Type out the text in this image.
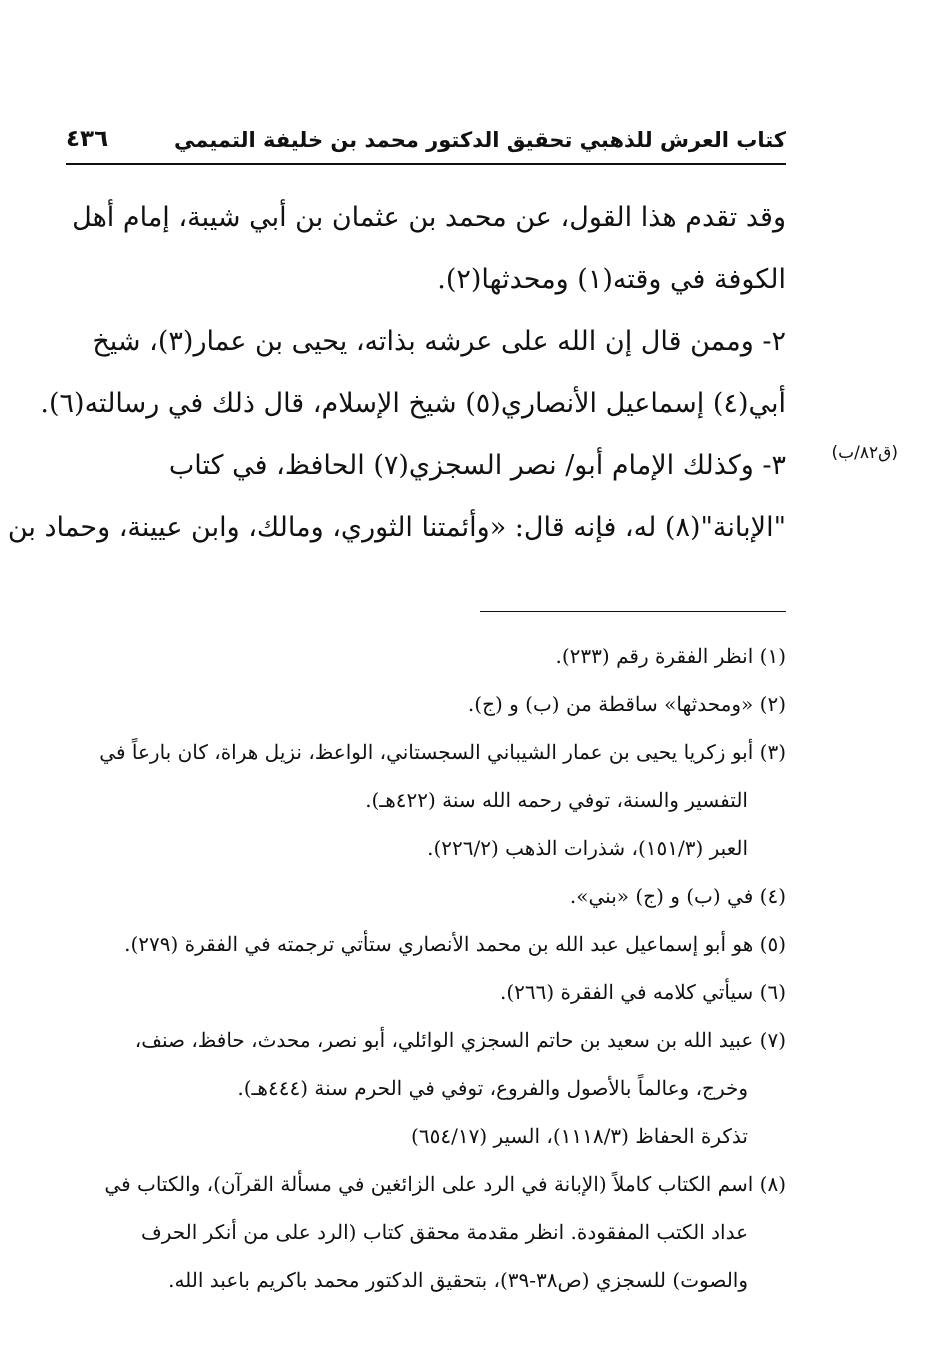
كتاب العرش للذهبي تحقيق الدكتور محمد بن خليفة التميمي
٤٣٦
(ق٨٢/ب)
وقد تقدم هذا القول، عن محمد بن عثمان بن أبي شيبة، إمام أهل
الكوفة في وقته(١) ومحدثها(٢).
٢- وممن قال إن الله على عرشه بذاته، يحيى بن عمار(٣)، شيخ
أبي(٤) إسماعيل الأنصاري(٥) شيخ الإسلام، قال ذلك في رسالته(٦).
٣- وكذلك الإمام أبو/ نصر السجزي(٧) الحافظ، في كتاب
"الإبانة"(٨) له، فإنه قال: «وأئمتنا الثوري، ومالك، وابن عيينة، وحماد بن
(١) انظر الفقرة رقم (٢٣٣).
(٢) «ومحدثها» ساقطة من (ب) و (ج).
(٣) أبو زكريا يحيى بن عمار الشيباني السجستاني، الواعظ، نزيل هراة، كان بارعاً في
التفسير والسنة، توفي رحمه الله سنة (٤٢٢هـ).
العبر (١٥١/٣)، شذرات الذهب (٢٢٦/٢).
(٤) في (ب) و (ج) «بني».
(٥) هو أبو إسماعيل عبد الله بن محمد الأنصاري ستأتي ترجمته في الفقرة (٢٧٩).
(٦) سيأتي كلامه في الفقرة (٢٦٦).
(٧) عبيد الله بن سعيد بن حاتم السجزي الوائلي، أبو نصر، محدث، حافظ، صنف،
وخرج، وعالماً بالأصول والفروع، توفي في الحرم سنة (٤٤٤هـ).
تذكرة الحفاظ (١١١٨/٣)، السير (٦٥٤/١٧)
(٨) اسم الكتاب كاملاً (الإبانة في الرد على الزائغين في مسألة القرآن)، والكتاب في
عداد الكتب المفقودة. انظر مقدمة محقق كتاب (الرد على من أنكر الحرف
والصوت) للسجزي (ص٣٨-٣٩)، بتحقيق الدكتور محمد باكريم باعبد الله.
